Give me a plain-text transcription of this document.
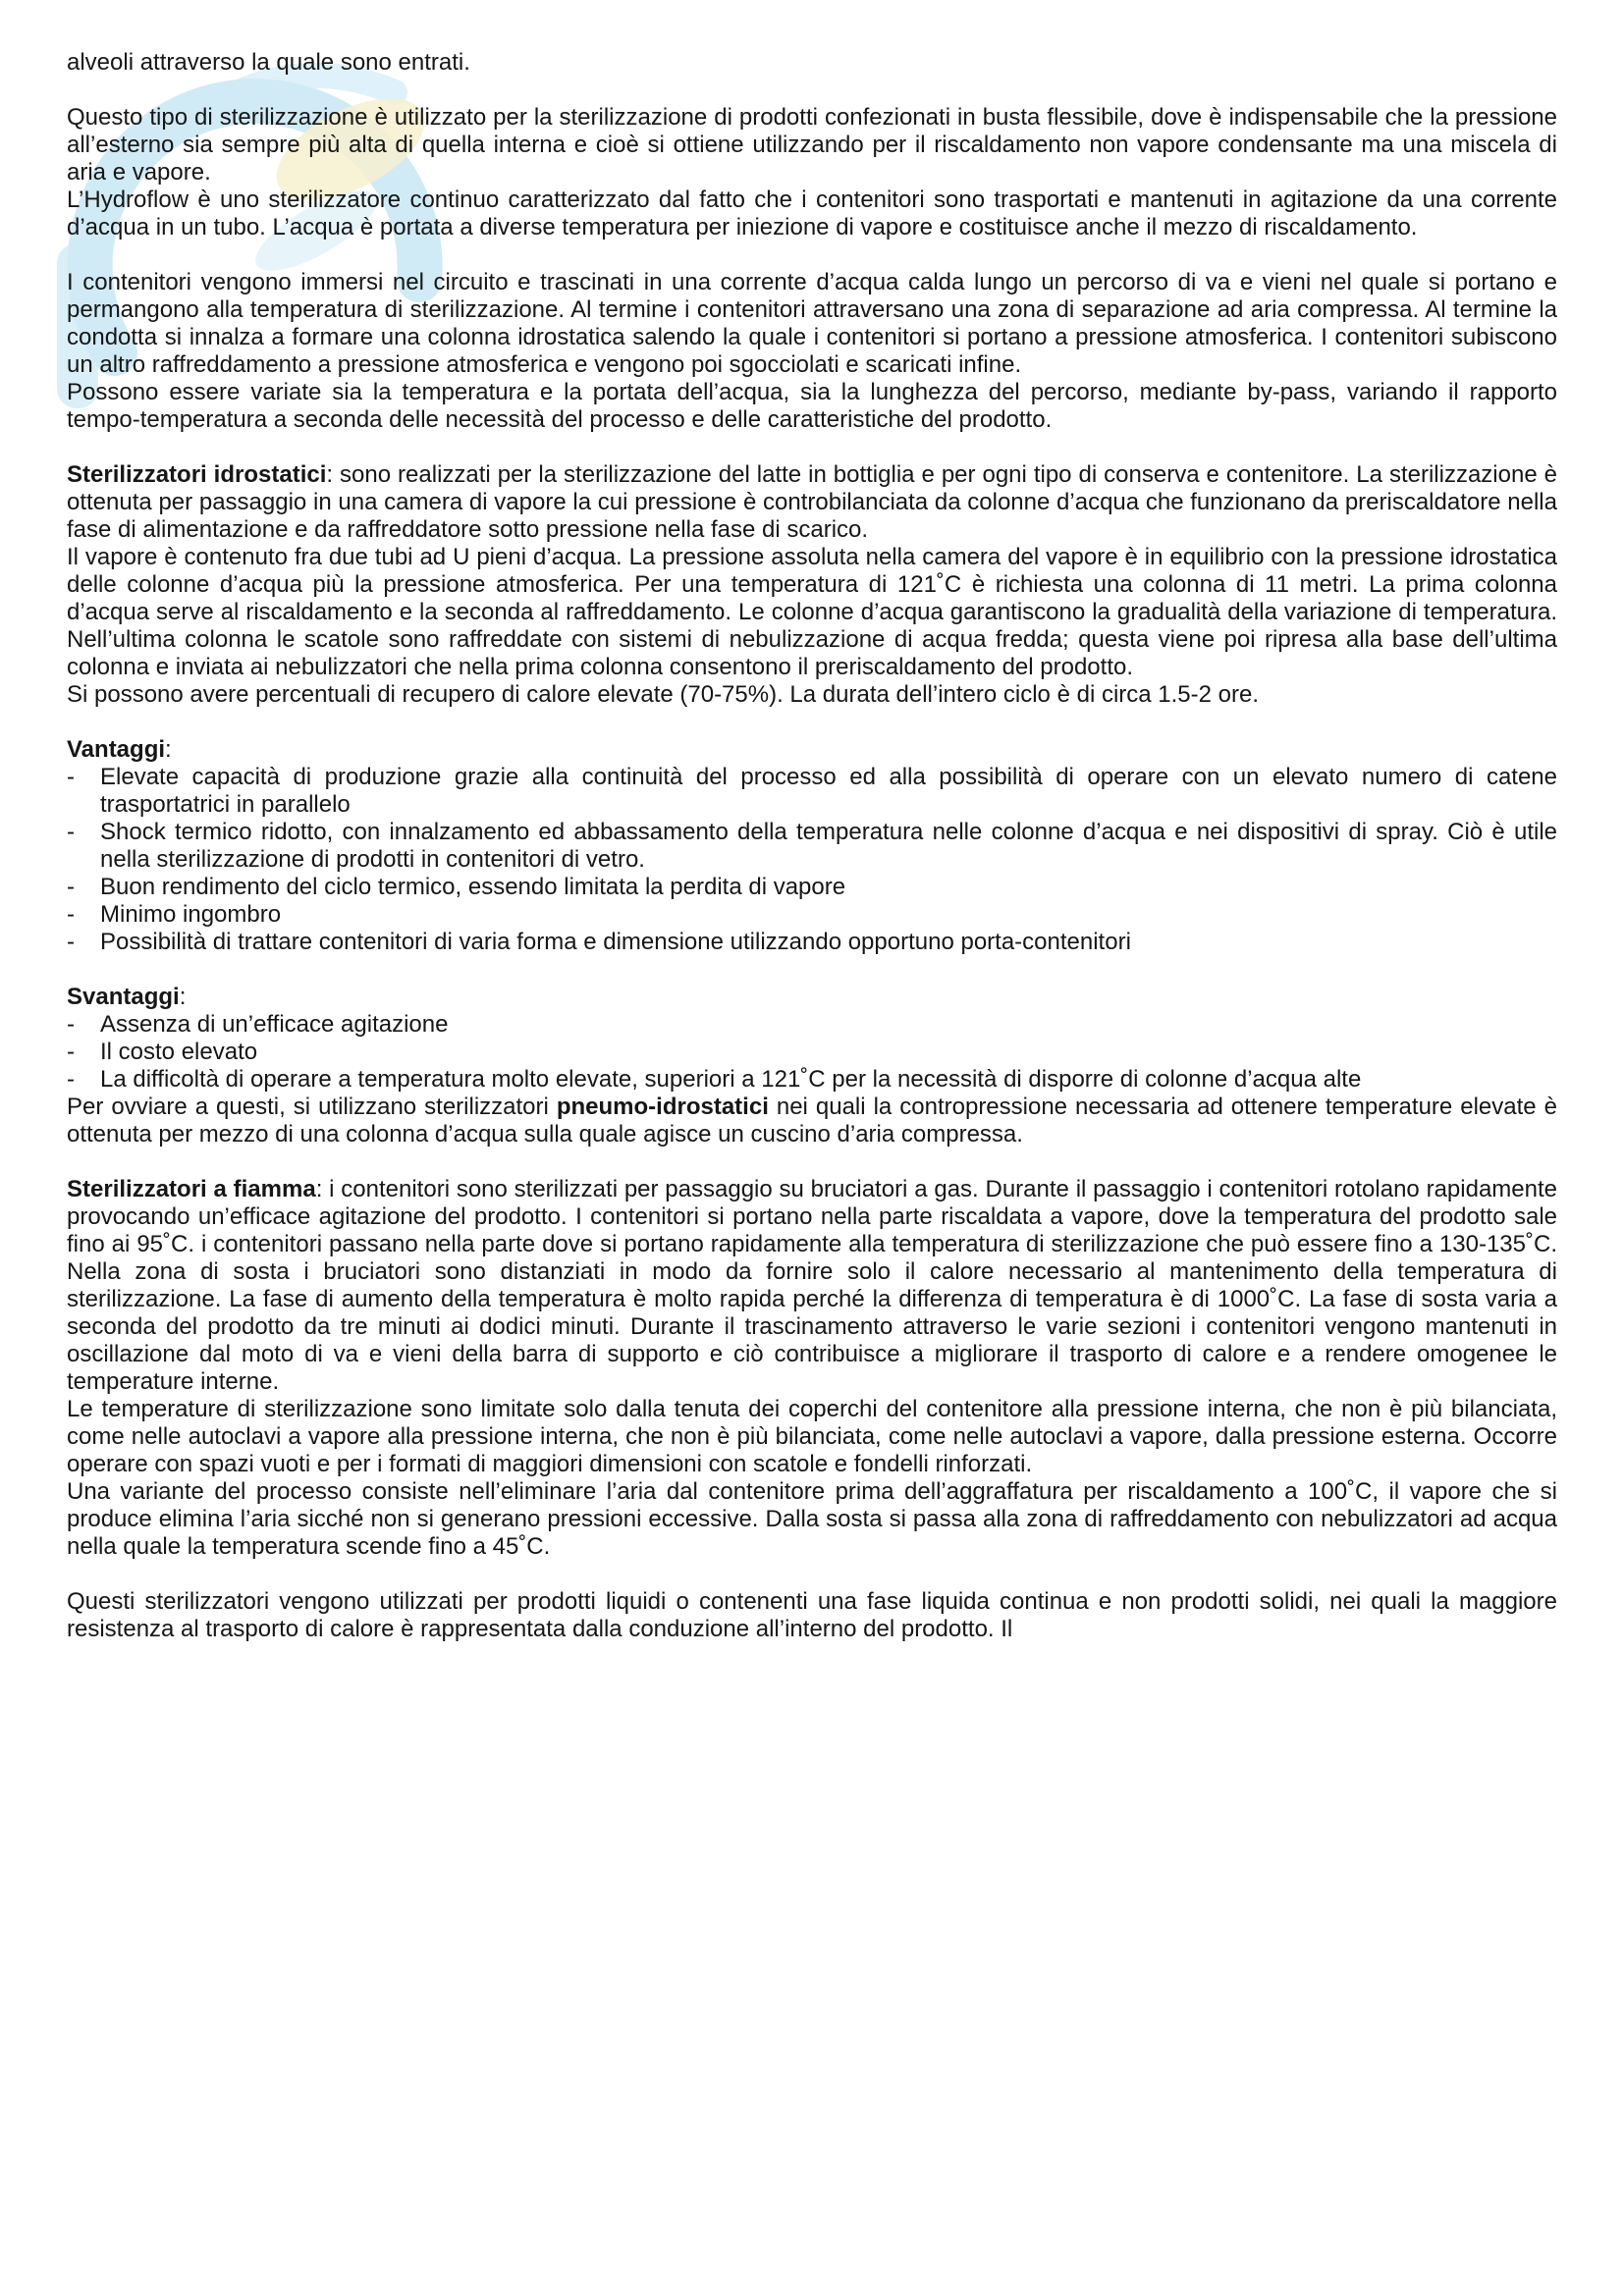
alveoli attraverso la quale sono entrati.

Questo tipo di sterilizzazione è utilizzato per la sterilizzazione di prodotti confezionati in busta flessibile, dove è indispensabile che la pressione all’esterno sia sempre più alta di quella interna e cioè si ottiene utilizzando per il riscaldamento non vapore condensante ma una miscela di aria e vapore.

L’Hydroflow è uno sterilizzatore continuo caratterizzato dal fatto che i contenitori sono trasportati e mantenuti in agitazione da una corrente d’acqua in un tubo. L’acqua è portata a diverse temperatura per iniezione di vapore e costituisce anche il mezzo di riscaldamento.

I contenitori vengono immersi nel circuito e trascinati in una corrente d’acqua calda lungo un percorso di va e vieni nel quale si portano e permangono alla temperatura di sterilizzazione. Al termine i contenitori attraversano una zona di separazione ad aria compressa. Al termine la condotta si innalza a formare una colonna idrostatica salendo la quale i contenitori si portano a pressione atmosferica. I contenitori subiscono un altro raffreddamento a pressione atmosferica e vengono poi sgocciolati e scaricati infine.

Possono essere variate sia la temperatura e la portata dell’acqua, sia la lunghezza del percorso, mediante by-pass, variando il rapporto tempo-temperatura a seconda delle necessità del processo e delle caratteristiche del prodotto.

Sterilizzatori idrostatici: sono realizzati per la sterilizzazione del latte in bottiglia e per ogni tipo di conserva e contenitore. La sterilizzazione è ottenuta per passaggio in una camera di vapore la cui pressione è controbilanciata da colonne d’acqua che funzionano da preriscaldatore nella fase di alimentazione e da raffreddatore sotto pressione nella fase di scarico.

Il vapore è contenuto fra due tubi ad U pieni d’acqua. La pressione assoluta nella camera del vapore è in equilibrio con la pressione idrostatica delle colonne d’acqua più la pressione atmosferica. Per una temperatura di 121˚C è richiesta una colonna di 11 metri. La prima colonna d’acqua serve al riscaldamento e la seconda al raffreddamento. Le colonne d’acqua garantiscono la gradualità della variazione di temperatura. Nell’ultima colonna le scatole sono raffreddate con sistemi di nebulizzazione di acqua fredda; questa viene poi ripresa alla base dell’ultima colonna e inviata ai nebulizzatori che nella prima colonna consentono il preriscaldamento del prodotto.

Si possono avere percentuali di recupero di calore elevate (70-75%). La durata dell’intero ciclo è di circa 1.5-2 ore.

Vantaggi:

-	Elevate capacità di produzione grazie alla continuità del processo ed alla possibilità di operare con un elevato numero di catene trasportatrici in parallelo
-	Shock termico ridotto, con innalzamento ed abbassamento della temperatura nelle colonne d’acqua e nei dispositivi di spray. Ciò è utile nella sterilizzazione di prodotti in contenitori di vetro.
-	Buon rendimento del ciclo termico, essendo limitata la perdita di vapore
-	Minimo ingombro
-	Possibilità di trattare contenitori di varia forma e dimensione utilizzando opportuno porta-contenitori

Svantaggi:

-	Assenza di un’efficace agitazione
-	Il costo elevato
-	La difficoltà di operare a temperatura molto elevate, superiori a 121˚C per la necessità di disporre di colonne d’acqua alte

Per ovviare a questi, si utilizzano sterilizzatori pneumo-idrostatici nei quali la contropressione necessaria ad ottenere temperature elevate è ottenuta per mezzo di una colonna d’acqua sulla quale agisce un cuscino d’aria compressa.

Sterilizzatori a fiamma: i contenitori sono sterilizzati per passaggio su bruciatori a gas. Durante il passaggio i contenitori rotolano rapidamente provocando un’efficace agitazione del prodotto. I contenitori si portano nella parte riscaldata a vapore, dove la temperatura del prodotto sale fino ai 95˚C. i contenitori passano nella parte dove si portano rapidamente alla temperatura di sterilizzazione che può essere fino a 130-135˚C. Nella zona di sosta i bruciatori sono distanziati in modo da fornire solo il calore necessario al mantenimento della temperatura di sterilizzazione. La fase di aumento della temperatura è molto rapida perché la differenza di temperatura è di 1000˚C. La fase di sosta varia a seconda del prodotto da tre minuti ai dodici minuti. Durante il trascinamento attraverso le varie sezioni i contenitori vengono mantenuti in oscillazione dal moto di va e vieni della barra di supporto e ciò contribuisce a migliorare il trasporto di calore e a rendere omogenee le temperature interne.

Le temperature di sterilizzazione sono limitate solo dalla tenuta dei coperchi del contenitore alla pressione interna, che non è più bilanciata, come nelle autoclavi a vapore alla pressione interna, che non è più bilanciata, come nelle autoclavi a vapore, dalla pressione esterna. Occorre operare con spazi vuoti e per i formati di maggiori dimensioni con scatole e fondelli rinforzati.

Una variante del processo consiste nell’eliminare l’aria dal contenitore prima dell’aggraffatura per riscaldamento a 100˚C, il vapore che si produce elimina l’aria sicché non si generano pressioni eccessive. Dalla sosta si passa alla zona di raffreddamento con nebulizzatori ad acqua nella quale la temperatura scende fino a 45˚C.

Questi sterilizzatori vengono utilizzati per prodotti liquidi o contenenti una fase liquida continua e non prodotti solidi, nei quali la maggiore resistenza al trasporto di calore è rappresentata dalla conduzione all’interno del prodotto. Il
